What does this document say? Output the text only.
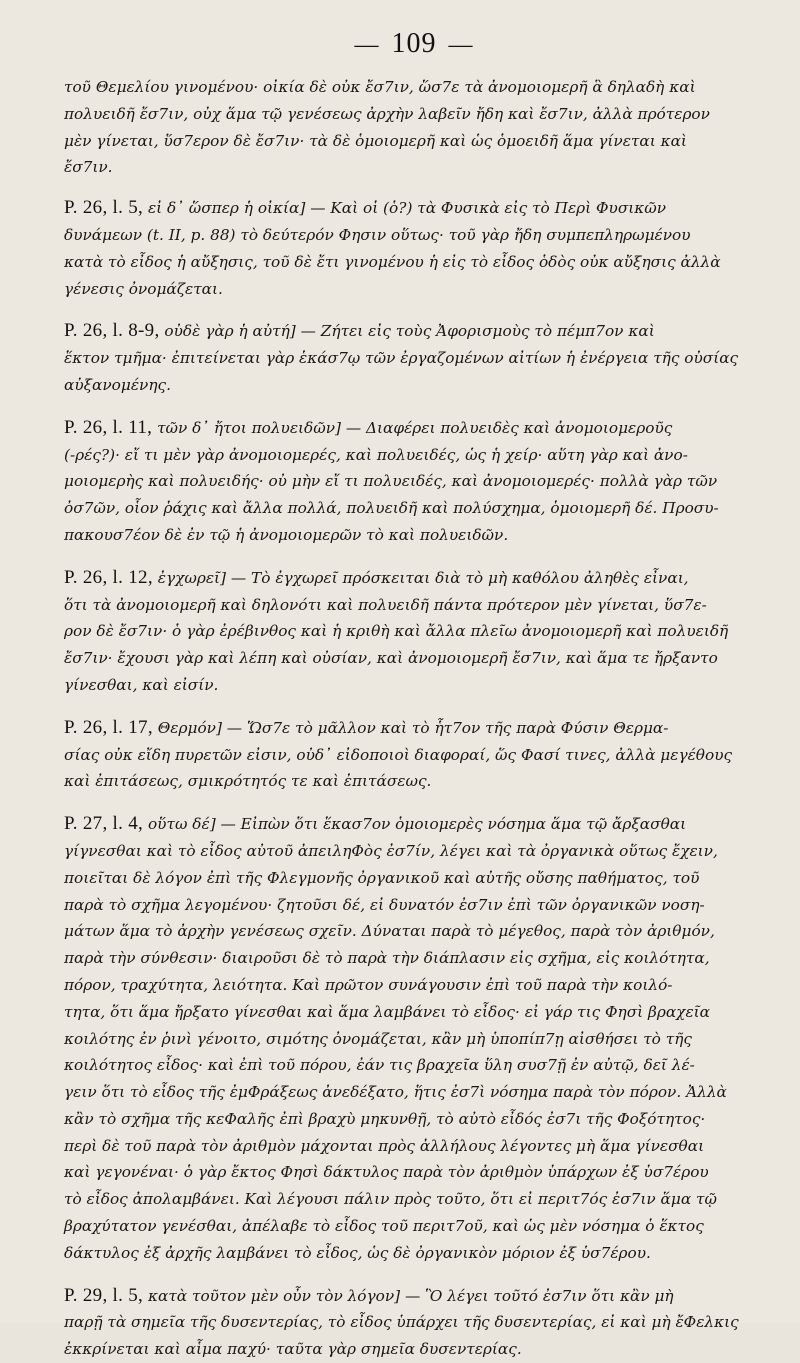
— 109 —
τοῦ Θεμελίου γινομένου· οἰκία δὲ οὐκ ἔσ7ιν, ὥσ7ε τὰ ἀνομοιομερῆ ἃ δηλαδὴ καὶ
πολυειδῆ ἔσ7ιν, οὐχ ἅμα τῷ γενέσεως ἀρχὴν λαβεῖν ἤδη καὶ ἔσ7ιν, ἀλλὰ πρότερον
μὲν γίνεται, ὕσ7ερον δὲ ἔσ7ιν· τὰ δὲ ὁμοιομερῆ καὶ ὡς ὁμοειδῆ ἅμα γίνεται καὶ
ἔσ7ιν.
P. 26, l. 5, εἰ δ᾽ ὥσπερ ἡ οἰκία] — Καὶ οἱ (ὁ?) τὰ Φυσικὰ εἰς τὸ Περὶ Φυσικῶν
δυνάμεων (t. II, p. 88) τὸ δεύτερόν Φησιν οὕτως· τοῦ γὰρ ἤδη συμπεπληρωμένου
κατὰ τὸ εἶδος ἡ αὔξησις, τοῦ δὲ ἔτι γινομένου ἡ εἰς τὸ εἶδος ὁδὸς οὐκ αὔξησις ἀλλὰ
γένεσις ὀνομάζεται.
P. 26, l. 8-9, οὐδὲ γὰρ ἡ αὐτή] — Ζήτει εἰς τοὺς Ἀφορισμοὺς τὸ πέμπ7ον καὶ
ἕκτον τμῆμα· ἐπιτείνεται γὰρ ἑκάσ7ῳ τῶν ἐργαζομένων αἰτίων ἡ ἐνέργεια τῆς οὐσίας
αὐξανομένης.
P. 26, l. 11, τῶν δ᾽ ἤτοι πολυειδῶν] — Διαφέρει πολυειδὲς καὶ ἀνομοιομεροῦς
(-ρές?)· εἴ τι μὲν γὰρ ἀνομοιομερές, καὶ πολυειδές, ὡς ἡ χείρ· αὕτη γὰρ καὶ ἀνο-
μοιομερὴς καὶ πολυειδής· οὐ μὴν εἴ τι πολυειδές, καὶ ἀνομοιομερές· πολλὰ γὰρ τῶν
ὀσ7ῶν, οἷον ῥάχις καὶ ἄλλα πολλά, πολυειδῆ καὶ πολύσχημα, ὁμοιομερῆ δέ. Προσυ-
πακουσ7έον δὲ ἐν τῷ ἡ ἀνομοιομερῶν τὸ καὶ πολυειδῶν.
P. 26, l. 12, ἐγχωρεῖ] — Τὸ ἐγχωρεῖ πρόσκειται διὰ τὸ μὴ καθόλου ἀληθὲς εἶναι,
ὅτι τὰ ἀνομοιομερῆ καὶ δηλονότι καὶ πολυειδῆ πάντα πρότερον μὲν γίνεται, ὕσ7ε-
ρον δὲ ἔσ7ιν· ὁ γὰρ ἐρέβινθος καὶ ἡ κριθὴ καὶ ἄλλα πλεῖω ἀνομοιομερῆ καὶ πολυειδῆ
ἔσ7ιν· ἔχουσι γὰρ καὶ λέπη καὶ οὐσίαν, καὶ ἀνομοιομερῆ ἔσ7ιν, καὶ ἅμα τε ἤρξαντο
γίνεσθαι, καὶ εἰσίν.
P. 26, l. 17, Θερμόν] — Ὥσ7ε τὸ μᾶλλον καὶ τὸ ἧτ7ον τῆς παρὰ Φύσιν Θερμα-
σίας οὐκ εἴδη πυρετῶν εἰσιν, οὐδ᾽ εἰδοποιοὶ διαφοραί, ὥς Φασί τινες, ἀλλὰ μεγέθους
καὶ ἐπιτάσεως, σμικρότητός τε καὶ ἐπιτάσεως.
P. 27, l. 4, οὕτω δέ] — Εἰπὼν ὅτι ἕκασ7ον ὁμοιομερὲς νόσημα ἅμα τῷ ἄρξασθαι
γίγνεσθαι καὶ τὸ εἶδος αὐτοῦ ἀπειληΦὸς ἐσ7ίν, λέγει καὶ τὰ ὀργανικὰ οὕτως ἔχειν,
ποιεῖται δὲ λόγον ἐπὶ τῆς Φλεγμονῆς ὀργανικοῦ καὶ αὐτῆς οὔσης παθήματος, τοῦ
παρὰ τὸ σχῆμα λεγομένου· ζητοῦσι δέ, εἰ δυνατόν ἐσ7ιν ἐπὶ τῶν ὀργανικῶν νοση-
μάτων ἅμα τὸ ἀρχὴν γενέσεως σχεῖν. Δύναται παρὰ τὸ μέγεθος, παρὰ τὸν ἀριθμόν,
παρὰ τὴν σύνθεσιν· διαιροῦσι δὲ τὸ παρὰ τὴν διάπλασιν εἰς σχῆμα, εἰς κοιλότητα,
πόρον, τραχύτητα, λειότητα. Καὶ πρῶτον συνάγουσιν ἐπὶ τοῦ παρὰ τὴν κοιλό-
τητα, ὅτι ἅμα ἤρξατο γίνεσθαι καὶ ἅμα λαμβάνει τὸ εἶδος· εἰ γάρ τις Φησὶ βραχεῖα
κοιλότης ἐν ῥινὶ γένοιτο, σιμότης ὀνομάζεται, κἂν μὴ ὑποπίπ7ῃ αἰσθήσει τὸ τῆς
κοιλότητος εἶδος· καὶ ἐπὶ τοῦ πόρου, ἐάν τις βραχεῖα ὕλη συσ7ῇ ἐν αὐτῷ, δεῖ λέ-
γειν ὅτι τὸ εἶδος τῆς ἐμΦράξεως ἀνεδέξατο, ἥτις ἐσ7ὶ νόσημα παρὰ τὸν πόρον. Ἀλλὰ
κἂν τὸ σχῆμα τῆς κεΦαλῆς ἐπὶ βραχὺ μηκυνθῇ, τὸ αὐτὸ εἶδός ἐσ7ι τῆς Φοξότητος·
περὶ δὲ τοῦ παρὰ τὸν ἀριθμὸν μάχονται πρὸς ἀλλήλους λέγοντες μὴ ἅμα γίνεσθαι
καὶ γεγονέναι· ὁ γὰρ ἔκτος Φησὶ δάκτυλος παρὰ τὸν ἀριθμὸν ὑπάρχων ἐξ ὑσ7έρου
τὸ εἶδος ἀπολαμβάνει. Καὶ λέγουσι πάλιν πρὸς τοῦτο, ὅτι εἰ περιτ7ός ἐσ7ιν ἅμα τῷ
βραχύτατον γενέσθαι, ἀπέλαβε τὸ εἶδος τοῦ περιτ7οῦ, καὶ ὡς μὲν νόσημα ὁ ἕκτος
δάκτυλος ἐξ ἀρχῆς λαμβάνει τὸ εἶδος, ὡς δὲ ὀργανικὸν μόριον ἐξ ὑσ7έρου.
P. 29, l. 5, κατὰ τοῦτον μὲν οὖν τὸν λόγον] — Ὃ λέγει τοῦτό ἐσ7ιν ὅτι κἂν μὴ
παρῇ τὰ σημεῖα τῆς δυσεντερίας, τὸ εἶδος ὑπάρχει τῆς δυσεντερίας, εἰ καὶ μὴ ἔΦελκις
ἐκκρίνεται καὶ αἷμα παχύ· ταῦτα γὰρ σημεῖα δυσεντερίας.
